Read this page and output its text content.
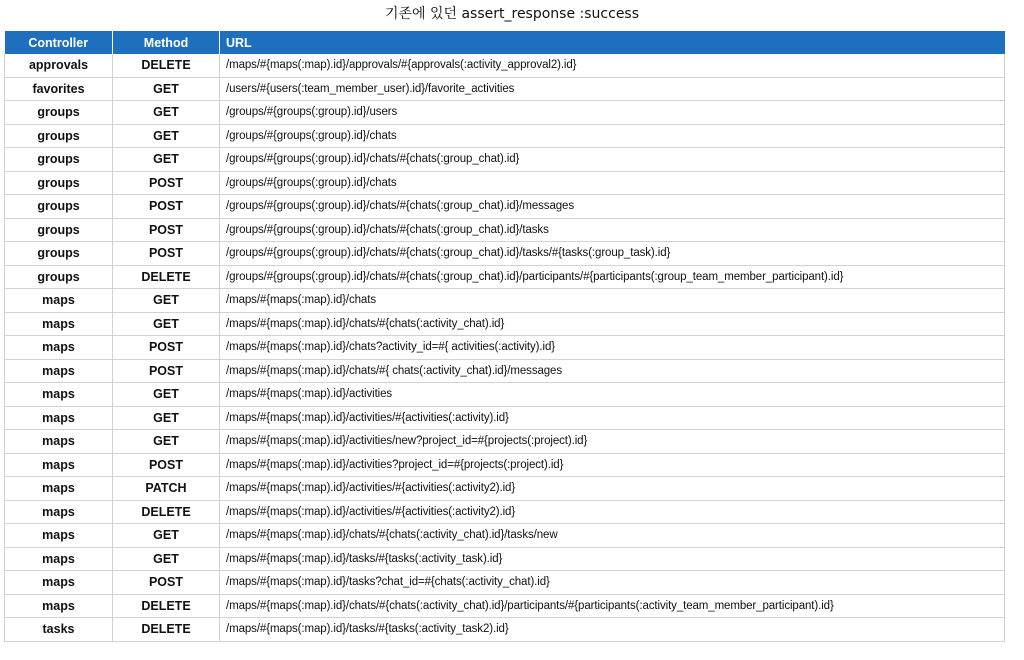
기존에 있던 assert_response :success
Controller	Method	URL
approvals	DELETE	/maps/#{maps(:map).id}/approvals/#{approvals(:activity_approval2).id}
favorites	GET	/users/#{users(:team_member_user).id}/favorite_activities
groups	GET	/groups/#{groups(:group).id}/users
groups	GET	/groups/#{groups(:group).id}/chats
groups	GET	/groups/#{groups(:group).id}/chats/#{chats(:group_chat).id}
groups	POST	/groups/#{groups(:group).id}/chats
groups	POST	/groups/#{groups(:group).id}/chats/#{chats(:group_chat).id}/messages
groups	POST	/groups/#{groups(:group).id}/chats/#{chats(:group_chat).id}/tasks
groups	POST	/groups/#{groups(:group).id}/chats/#{chats(:group_chat).id}/tasks/#{tasks(:group_task).id}
groups	DELETE	/groups/#{groups(:group).id}/chats/#{chats(:group_chat).id}/participants/#{participants(:group_team_member_participant).id}
maps	GET	/maps/#{maps(:map).id}/chats
maps	GET	/maps/#{maps(:map).id}/chats/#{chats(:activity_chat).id}
maps	POST	/maps/#{maps(:map).id}/chats?activity_id=#{ activities(:activity).id}
maps	POST	/maps/#{maps(:map).id}/chats/#{ chats(:activity_chat).id}/messages
maps	GET	/maps/#{maps(:map).id}/activities
maps	GET	/maps/#{maps(:map).id}/activities/#{activities(:activity).id}
maps	GET	/maps/#{maps(:map).id}/activities/new?project_id=#{projects(:project).id}
maps	POST	/maps/#{maps(:map).id}/activities?project_id=#{projects(:project).id}
maps	PATCH	/maps/#{maps(:map).id}/activities/#{activities(:activity2).id}
maps	DELETE	/maps/#{maps(:map).id}/activities/#{activities(:activity2).id}
maps	GET	/maps/#{maps(:map).id}/chats/#{chats(:activity_chat).id}/tasks/new
maps	GET	/maps/#{maps(:map).id}/tasks/#{tasks(:activity_task).id}
maps	POST	/maps/#{maps(:map).id}/tasks?chat_id=#{chats(:activity_chat).id}
maps	DELETE	/maps/#{maps(:map).id}/chats/#{chats(:activity_chat).id}/participants/#{participants(:activity_team_member_participant).id}
tasks	DELETE	/maps/#{maps(:map).id}/tasks/#{tasks(:activity_task2).id}
